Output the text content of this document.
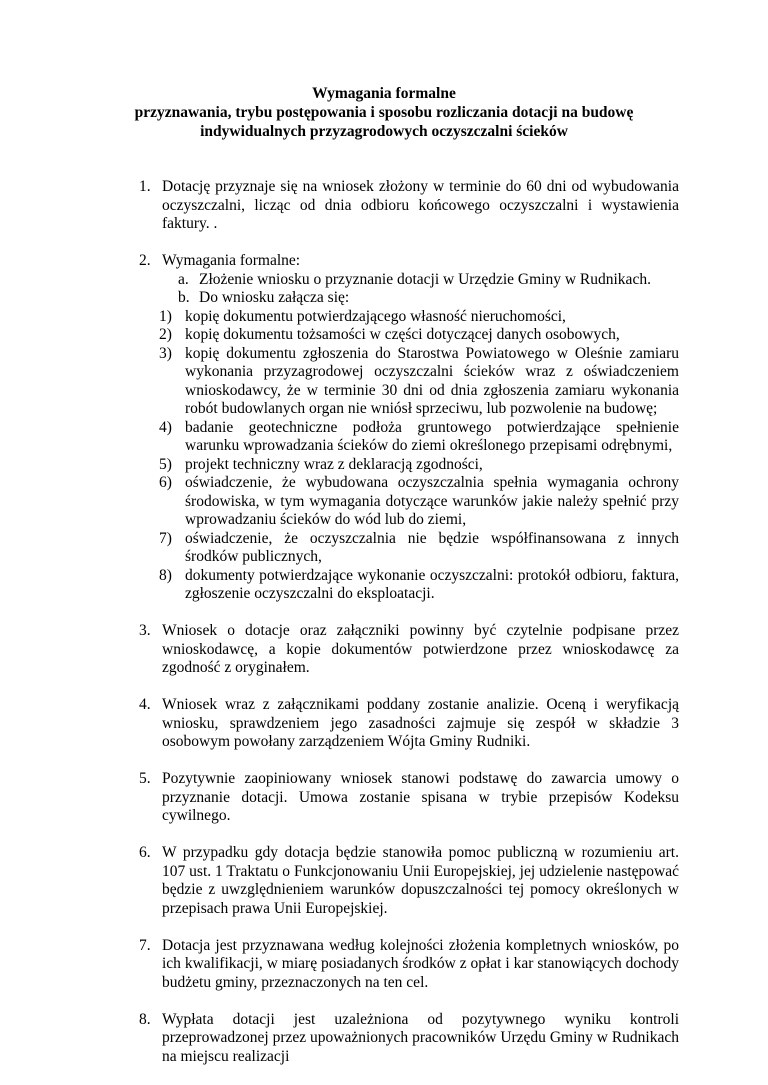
Wymagania formalne
przyznawania, trybu postępowania i sposobu rozliczania dotacji na budowę
indywidualnych przyzagrodowych oczyszczalni ścieków
1. Dotację przyznaje się na wniosek złożony w terminie do 60 dni od wybudowania oczyszczalni, licząc od dnia odbioru końcowego oczyszczalni i wystawienia faktury. .
2. Wymagania formalne:
a. Złożenie wniosku o przyznanie dotacji w Urzędzie Gminy w Rudnikach.
b. Do wniosku załącza się:
1) kopię dokumentu potwierdzającego własność nieruchomości,
2) kopię dokumentu tożsamości w części dotyczącej danych osobowych,
3) kopię dokumentu zgłoszenia do Starostwa Powiatowego w Oleśnie zamiaru wykonania przyzagrodowej oczyszczalni ścieków wraz z oświadczeniem wnioskodawcy, że w terminie 30 dni od dnia zgłoszenia zamiaru wykonania robót budowlanych organ nie wniósł sprzeciwu, lub pozwolenie na budowę;
4) badanie geotechniczne podłoża gruntowego potwierdzające spełnienie warunku wprowadzania ścieków do ziemi określonego przepisami odrębnymi,
5) projekt techniczny wraz z deklaracją zgodności,
6) oświadczenie, że wybudowana oczyszczalnia spełnia wymagania ochrony środowiska, w tym wymagania dotyczące warunków jakie należy spełnić przy wprowadzaniu ścieków do wód lub do ziemi,
7) oświadczenie, że oczyszczalnia nie będzie współfinansowana z innych środków publicznych,
8) dokumenty potwierdzające wykonanie oczyszczalni: protokół odbioru, faktura, zgłoszenie oczyszczalni do eksploatacji.
3. Wniosek o dotacje oraz załączniki powinny być czytelnie podpisane przez wnioskodawcę, a kopie dokumentów potwierdzone przez wnioskodawcę za zgodność z oryginałem.
4. Wniosek wraz z załącznikami poddany zostanie analizie. Oceną i weryfikacją wniosku, sprawdzeniem jego zasadności zajmuje się zespół w składzie 3 osobowym powołany zarządzeniem Wójta Gminy Rudniki.
5. Pozytywnie zaopiniowany wniosek stanowi podstawę do zawarcia umowy o przyznanie dotacji. Umowa zostanie spisana w trybie przepisów Kodeksu cywilnego.
6. W przypadku gdy dotacja będzie stanowiła pomoc publiczną w rozumieniu art. 107 ust. 1 Traktatu o Funkcjonowaniu Unii Europejskiej, jej udzielenie następować będzie z uwzględnieniem warunków dopuszczalności tej pomocy określonych w przepisach prawa Unii Europejskiej.
7. Dotacja jest przyznawana według kolejności złożenia kompletnych wniosków, po ich kwalifikacji, w miarę posiadanych środków z opłat i kar stanowiących dochody budżetu gminy, przeznaczonych na ten cel.
8. Wypłata dotacji jest uzależniona od pozytywnego wyniku kontroli przeprowadzonej przez upoważnionych pracowników Urzędu Gminy w Rudnikach na miejscu realizacji
